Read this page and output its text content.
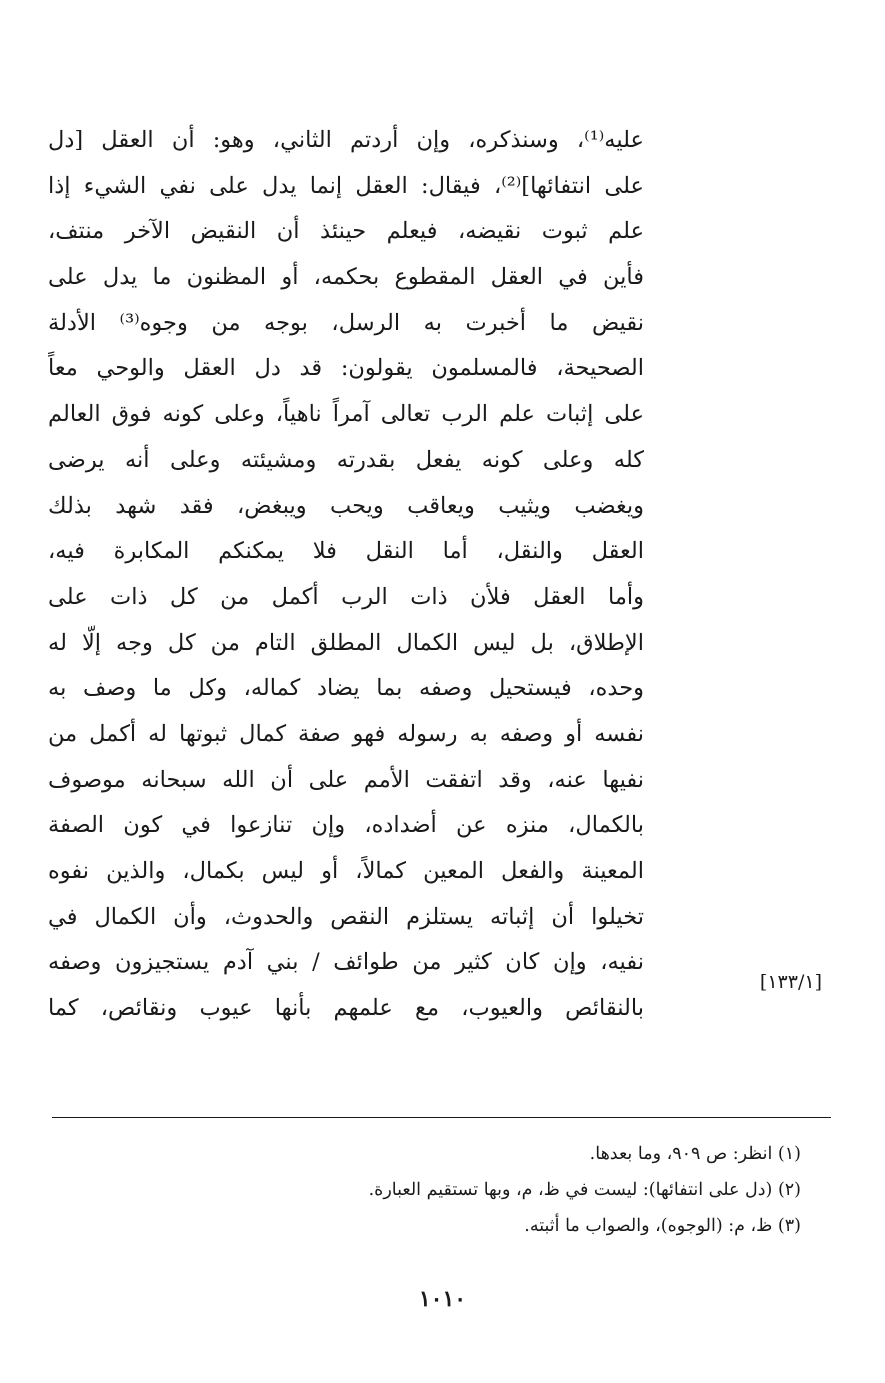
عليه⁽¹⁾، وسنذكره، وإن أردتم الثاني، وهو: أن العقل [دل
على انتفائها]⁽²⁾، فيقال: العقل إنما يدل على نفي الشيء إذا
علم ثبوت نقيضه، فيعلم حينئذ أن النقيض الآخر منتف،
فأين في العقل المقطوع بحكمه، أو المظنون ما يدل على
نقيض ما أخبرت به الرسل، بوجه من وجوه⁽³⁾ الأدلة
الصحيحة، فالمسلمون يقولون: قد دل العقل والوحي معاً
على إثبات علم الرب تعالى آمراً ناهياً، وعلى كونه فوق العالم
كله وعلى كونه يفعل بقدرته ومشيئته وعلى أنه يرضى
ويغضب ويثيب ويعاقب ويحب ويبغض، فقد شهد بذلك
العقل والنقل، أما النقل فلا يمكنكم المكابرة فيه،
وأما العقل فلأن ذات الرب أكمل من كل ذات على
الإطلاق، بل ليس الكمال المطلق التام من كل وجه إلّا له
وحده، فيستحيل وصفه بما يضاد كماله، وكل ما وصف به
نفسه أو وصفه به رسوله فهو صفة كمال ثبوتها له أكمل من
نفيها عنه، وقد اتفقت الأمم على أن الله سبحانه موصوف
بالكمال، منزه عن أضداده، وإن تنازعوا في كون الصفة
المعينة والفعل المعين كمالاً، أو ليس بكمال، والذين نفوه
تخيلوا أن إثباته يستلزم النقص والحدوث، وأن الكمال في
نفيه، وإن كان كثير من طوائف / بني آدم يستجيزون وصفه
بالنقائص والعيوب، مع علمهم بأنها عيوب ونقائص، كما
[١٣٣/١]
(١) انظر: ص ٩٠٩، وما بعدها.
(٢) (دل على انتفائها): ليست في ظ، م، وبها تستقيم العبارة.
(٣) ظ، م: (الوجوه)، والصواب ما أثبته.
١٠١٠
